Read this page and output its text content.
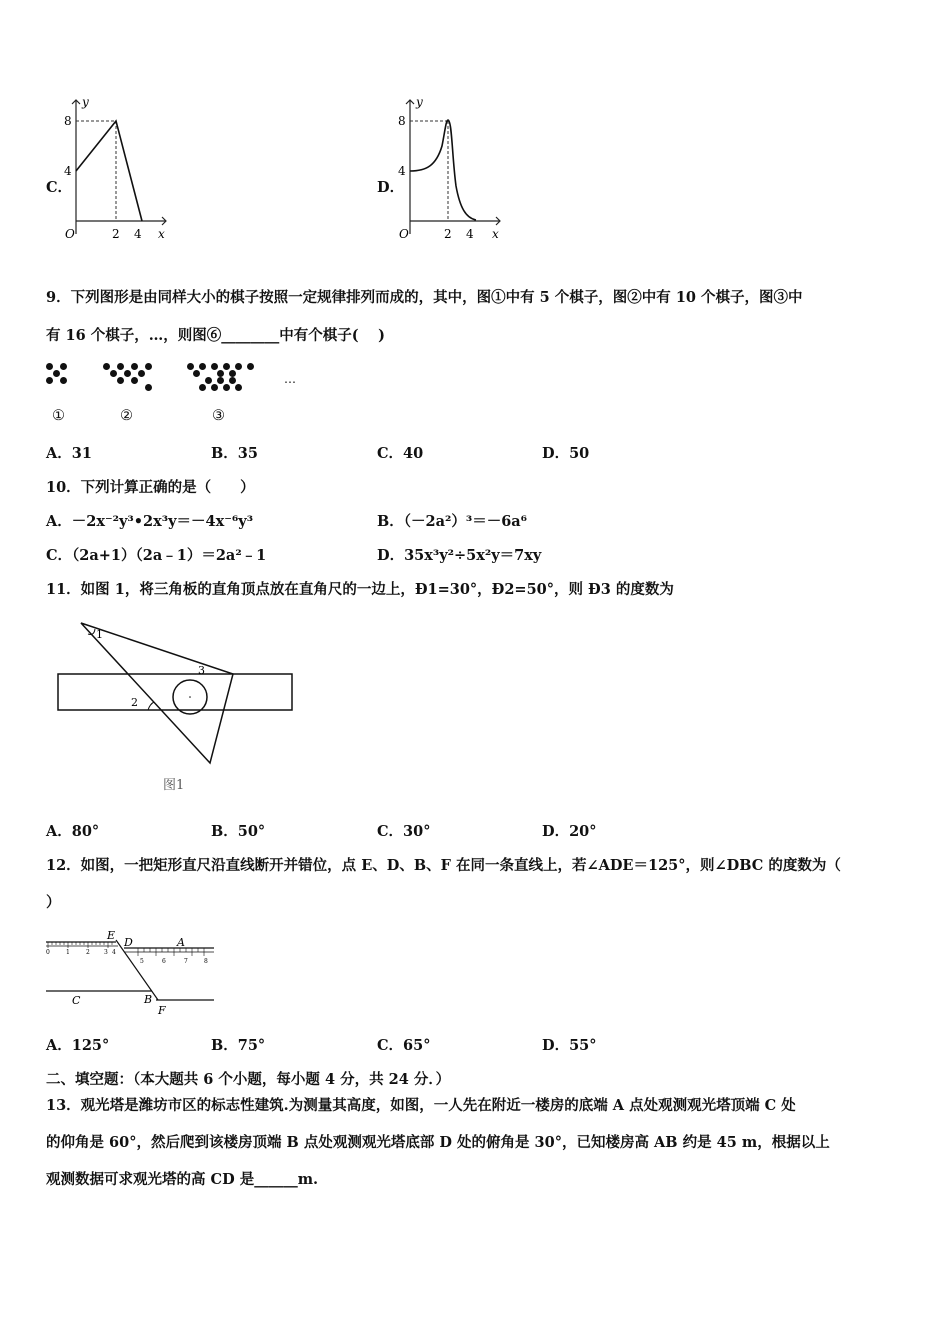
C．
y
8
4
O	2 4 x
D．
y
8
4
O	2 4 x
9．下列图形是由同样大小的棋子按照一定规律排列而成的，其中，图①中有 5 个棋子，图②中有 10 个棋子，图③中
有 16 个棋子，…，则图⑥________中有个棋子(　 )
…
①	②	③
A．31	B．35	C．40	D．50
10．下列计算正确的是（　　）
A．－2x⁻²y³•2x³y＝－4x⁻⁶y³	B．（－2a²）³＝－6a⁶
C．（2a+1）（2a﹣1）＝2a²﹣1	D．35x³y²÷5x²y＝7xy
11．如图 1，将三角板的直角顶点放在直角尺的一边上，Ð1=30°，Ð2=50°，则 Ð3 的度数为
1
2
3
图1
A．80°	B．50°	C．30°	D．20°
12．如图，一把矩形直尺沿直线断开并错位，点 E、D、B、F 在同一条直线上，若∠ADE＝125°，则∠DBC 的度数为（
）
0	1	2 3 4
5	6	7	8
E
D	A
C	B
F
A．125°	B．75°	C．65°	D．55°
二、填空题：（本大题共 6 个小题，每小题 4 分，共 24 分．）
13．观光塔是潍坊市区的标志性建筑.为测量其高度，如图，一人先在附近一楼房的底端 A 点处观测观光塔顶端 C 处
的仰角是 60°，然后爬到该楼房顶端 B 点处观测观光塔底部 D 处的俯角是 30°，已知楼房高 AB 约是 45 m，根据以上
观测数据可求观光塔的高 CD 是______m.
